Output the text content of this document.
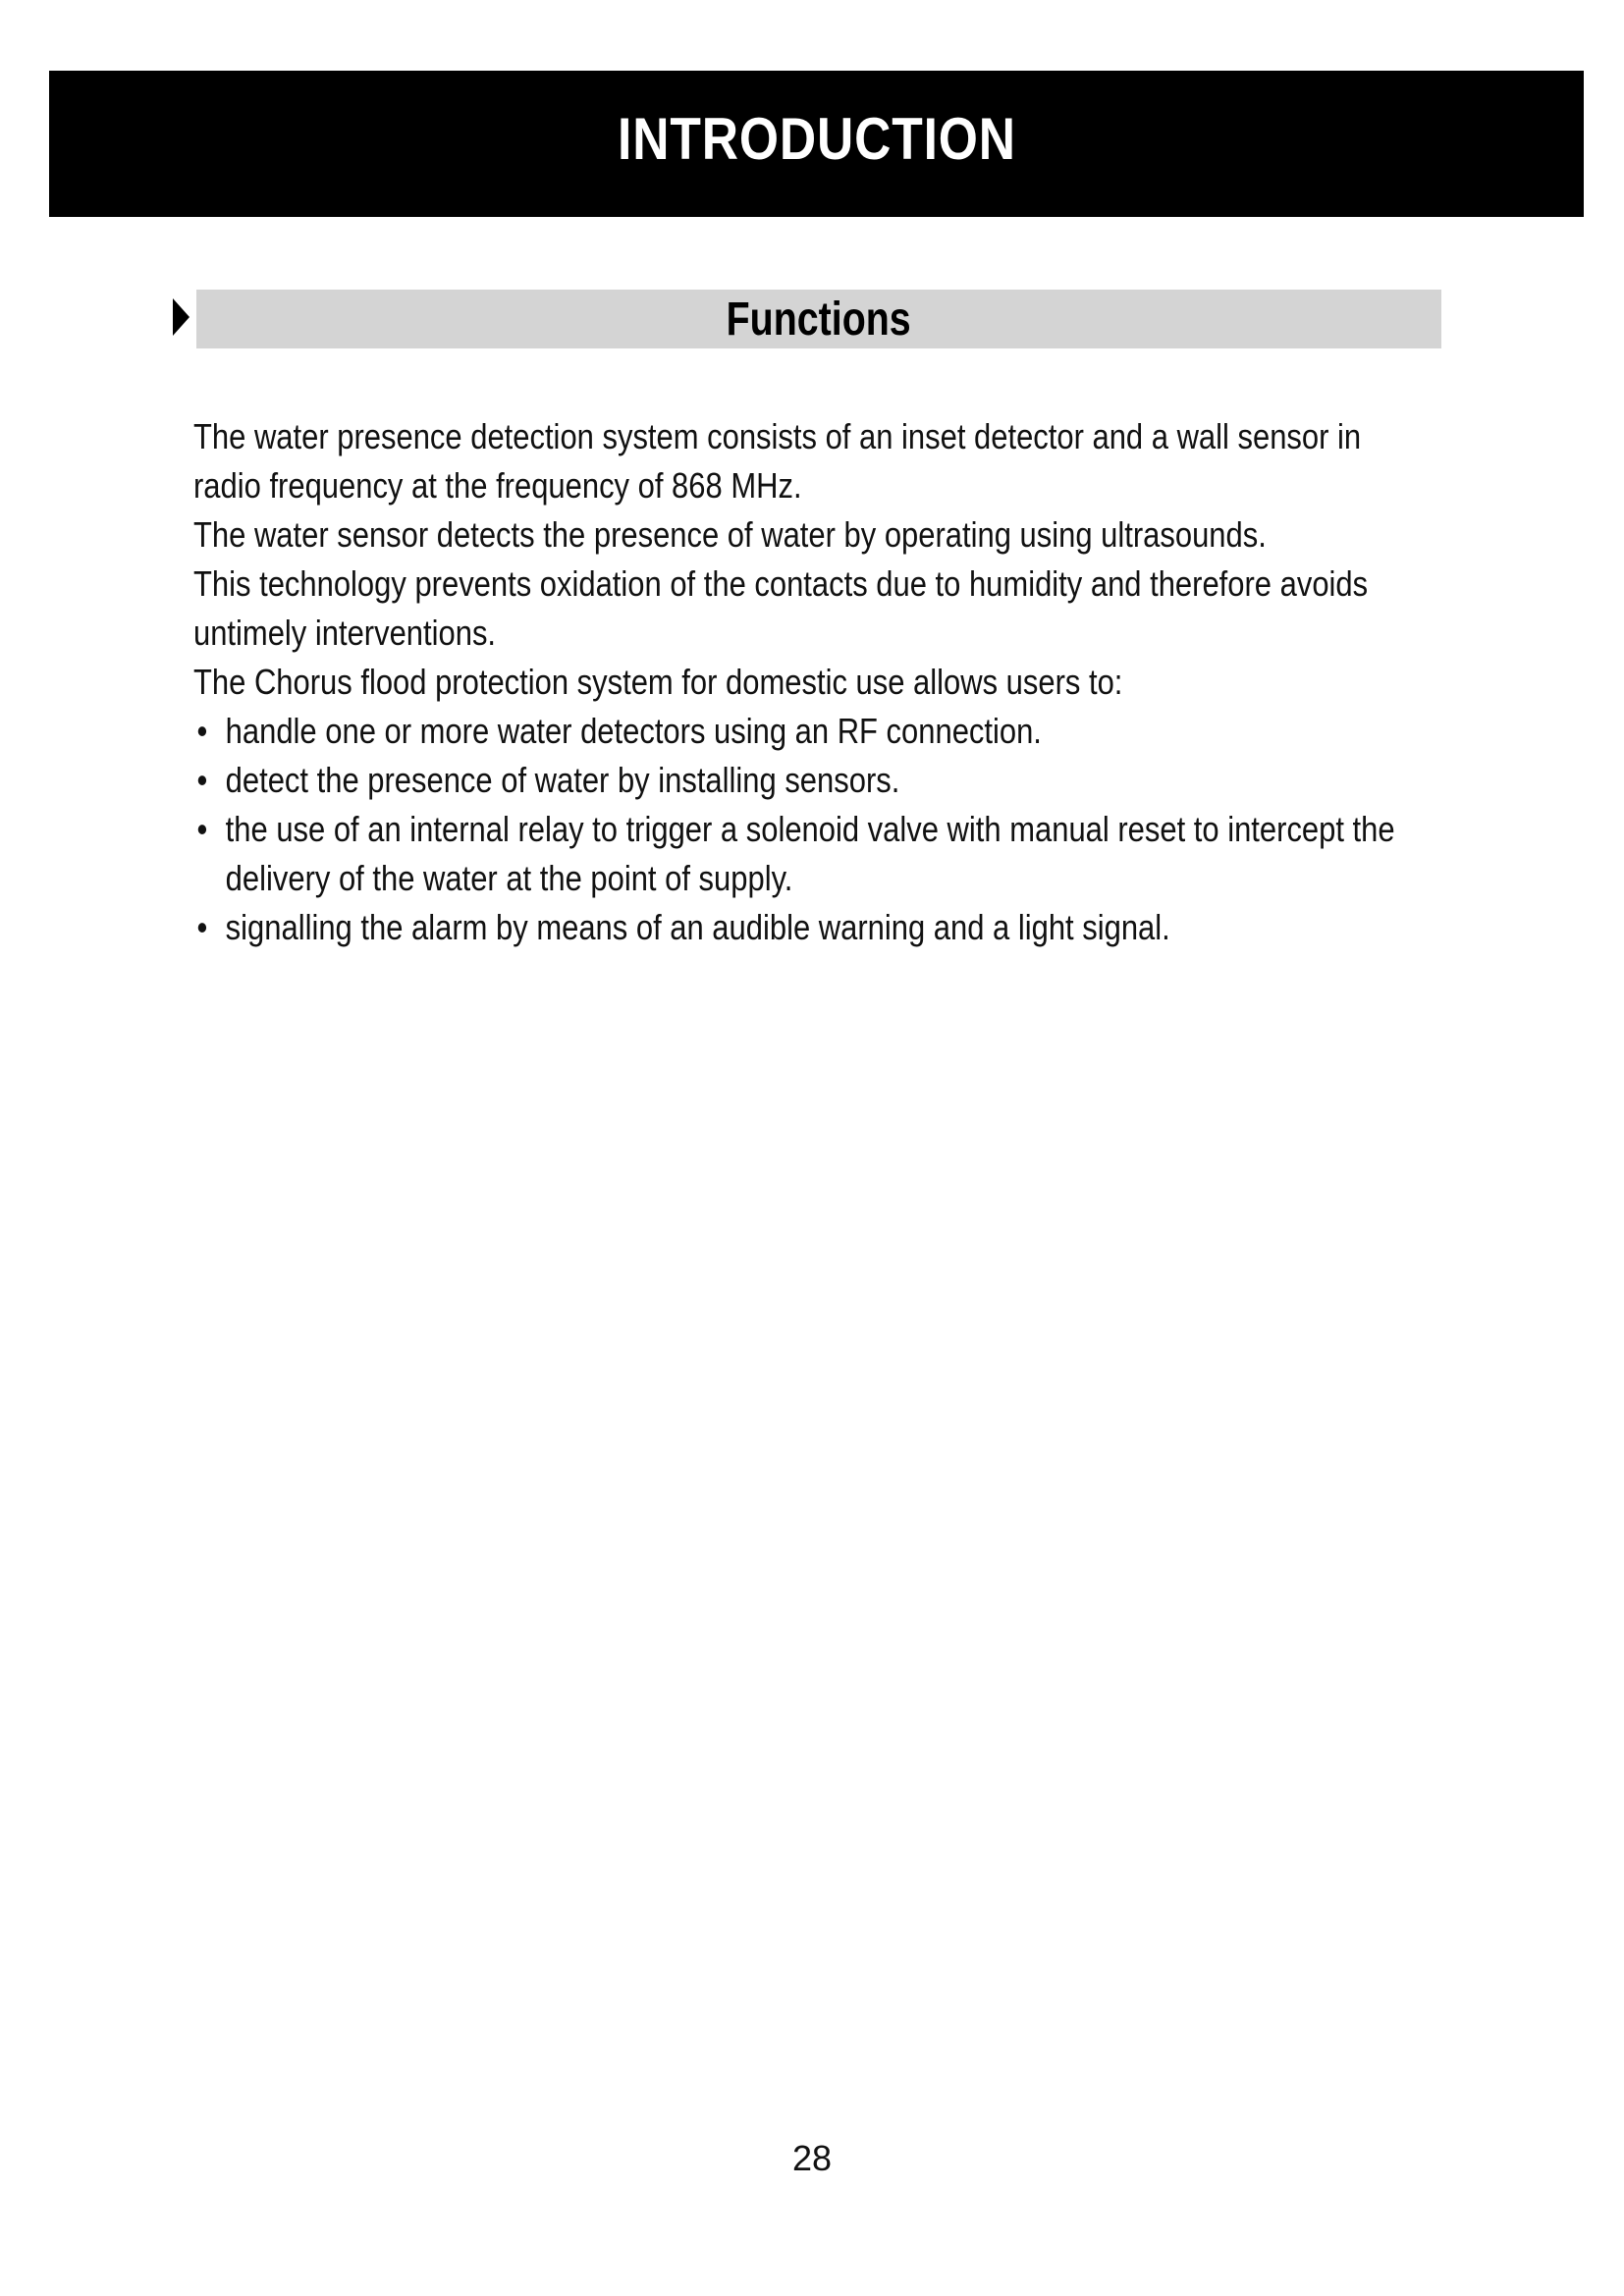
INTRODUCTION
Functions

The water presence detection system consists of an inset detector and a wall sensor in

radio frequency at the frequency of 868 MHz.

The water sensor detects the presence of water by operating using ultrasounds.

This technology prevents oxidation of the contacts due to humidity and therefore avoids

untimely interventions.

The Chorus flood protection system for domestic use allows users to:

• handle one or more water detectors using an RF connection.
• detect the presence of water by installing sensors.
• the use of an internal relay to trigger a solenoid valve with manual reset to intercept the
delivery of the water at the point of supply.
• signalling the alarm by means of an audible warning and a light signal.
28
